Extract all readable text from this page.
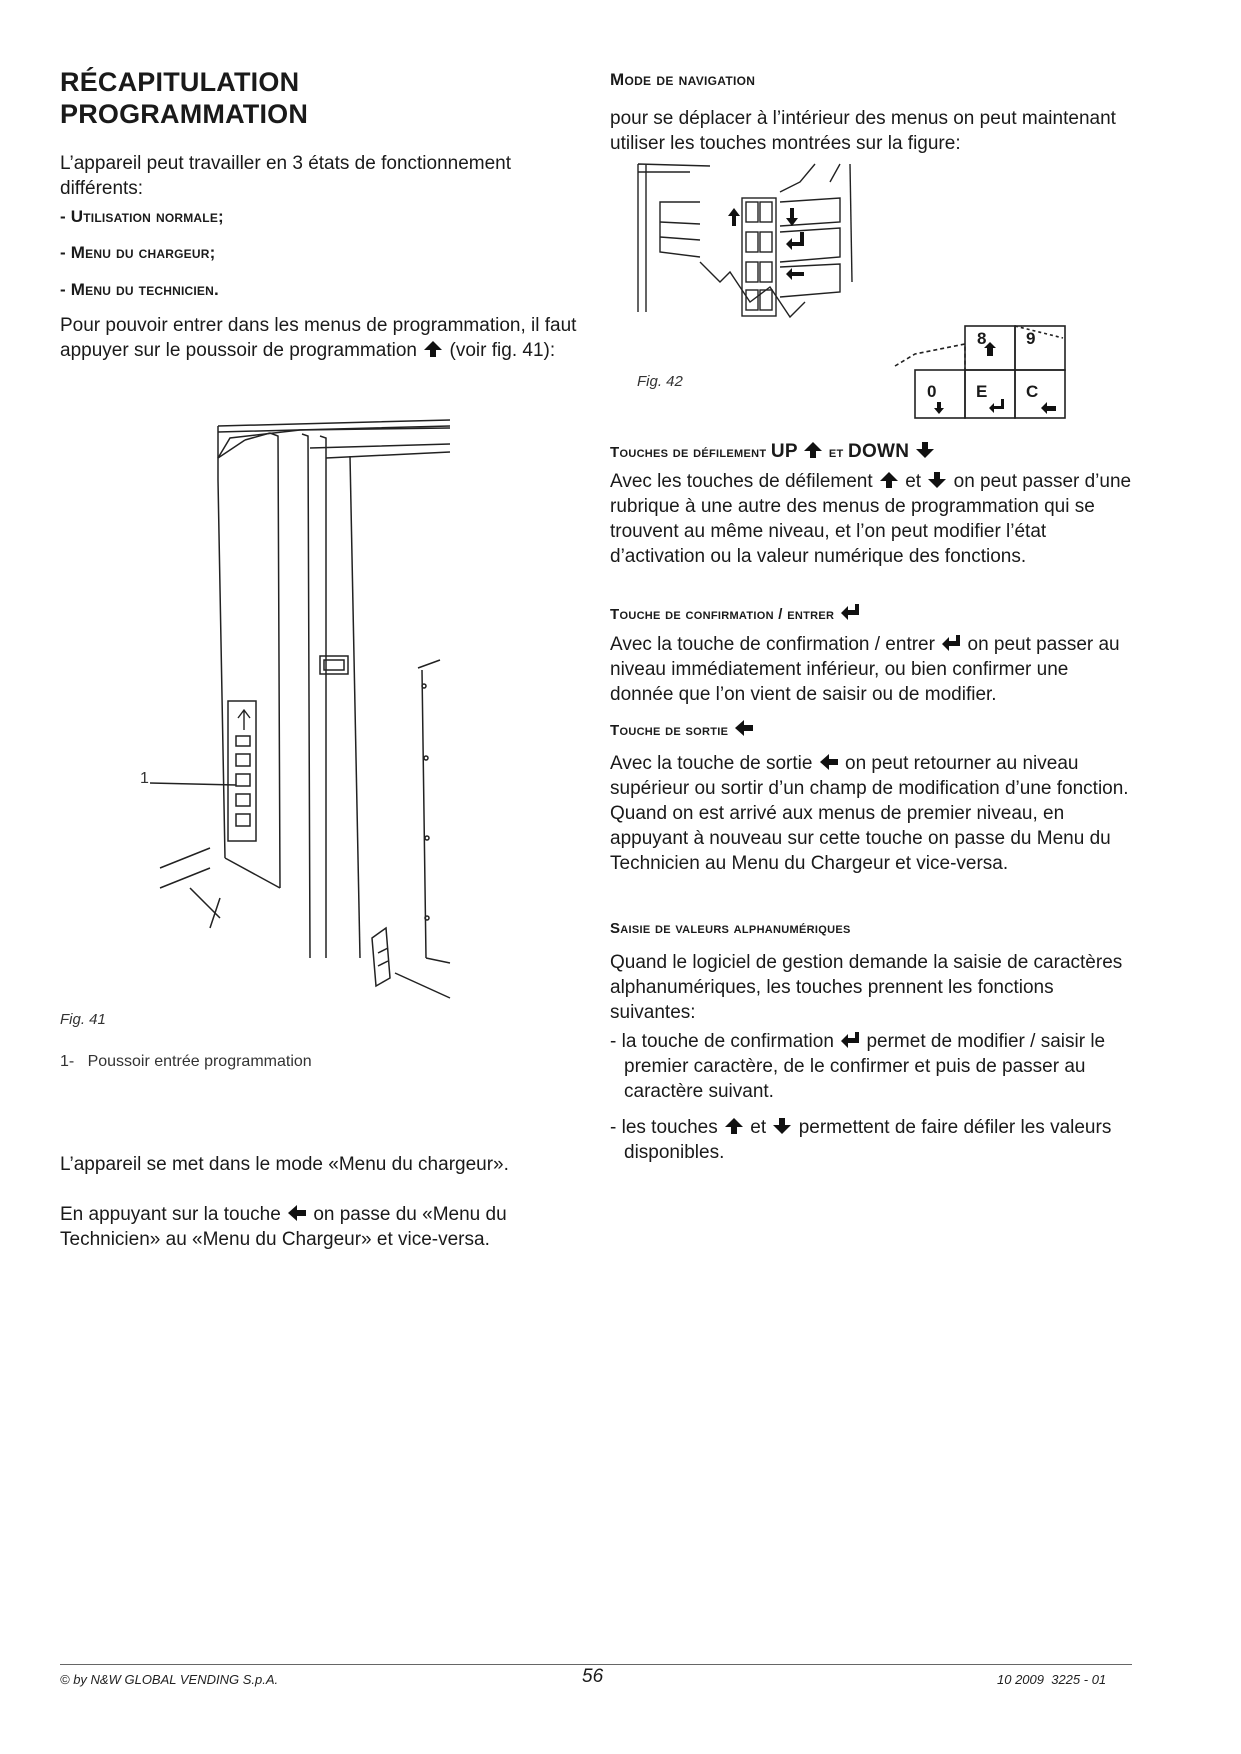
RÉCAPITULATION
PROGRAMMATION

L’appareil peut travailler en 3 états de fonctionnement différents:

- Utilisation normale;

- Menu du chargeur;

- Menu du technicien.

Pour pouvoir entrer dans les menus de programmation, il faut appuyer sur le poussoir de programmation (voir fig. 41):

1
Fig. 41
1-   Poussoir entrée programmation

L’appareil se met dans le mode «Menu du chargeur».

En appuyant sur la touche on passe du «Menu du Technicien» au «Menu du Chargeur» et vice-versa.

Mode de navigation

pour se déplacer à l’intérieur des menus on peut maintenant utiliser les touches montrées sur la figure:

Fig. 42
8 9
0 E C

Touches de défilement UP et DOWN

Avec les touches de défilement et on peut passer d’une rubrique à une autre des menus de programmation qui se trouvent au même niveau, et l’on peut modifier l’état d’activation ou la valeur numérique des fonctions.

Touche de confirmation / entrer

Avec la touche de confirmation / entrer on peut passer au niveau immédiatement inférieur, ou bien confirmer une donnée que l’on vient de saisir ou de modifier.

Touche de sortie

Avec la touche de sortie on peut retourner au niveau supérieur ou sortir d’un champ de modification d’une fonction. Quand on est arrivé aux menus de premier niveau, en appuyant à nouveau sur cette touche on passe du Menu du Technicien au Menu du Chargeur et vice-versa.

Saisie de valeurs alphanumériques

Quand le logiciel de gestion demande la saisie de caractères alphanumériques, les touches prennent les fonctions suivantes:

- la touche de confirmation permet de modifier / saisir le premier caractère, de le confirmer et puis de passer au caractère suivant.

- les touches et permettent de faire défiler les valeurs disponibles.

© by N&W GLOBAL VENDING S.p.A.	56	10 2009  3225 - 01
